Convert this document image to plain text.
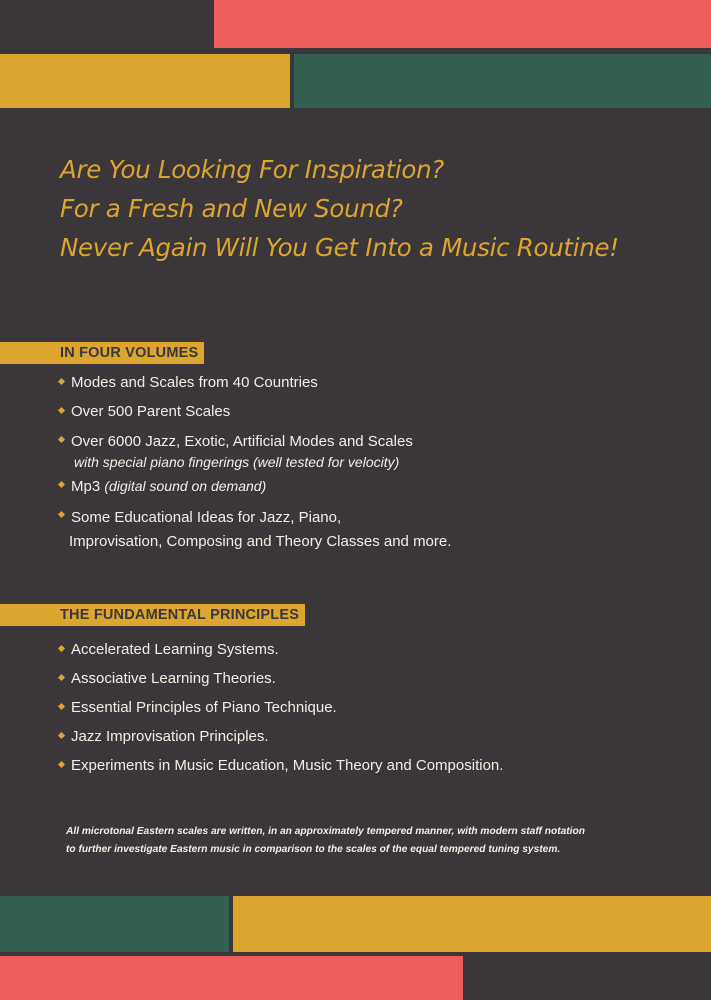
Are You Looking For Inspiration?
For a Fresh and New Sound?
Never Again Will You Get Into a Music Routine!
IN FOUR VOLUMES
Modes and Scales from 40 Countries
Over 500 Parent Scales
Over 6000 Jazz, Exotic, Artificial Modes and Scales
with special piano fingerings (well tested for velocity)
Mp3 (digital sound on demand)
Some Educational Ideas for Jazz, Piano,
Improvisation, Composing and Theory Classes and more.
THE FUNDAMENTAL PRINCIPLES
Accelerated Learning Systems.
Associative Learning Theories.
Essential Principles of Piano Technique.
Jazz Improvisation Principles.
Experiments in Music Education, Music Theory and Composition.
All microtonal Eastern scales are written, in an approximately tempered manner, with modern staff notation
to further investigate Eastern music in comparison to the scales of the equal tempered tuning system.
